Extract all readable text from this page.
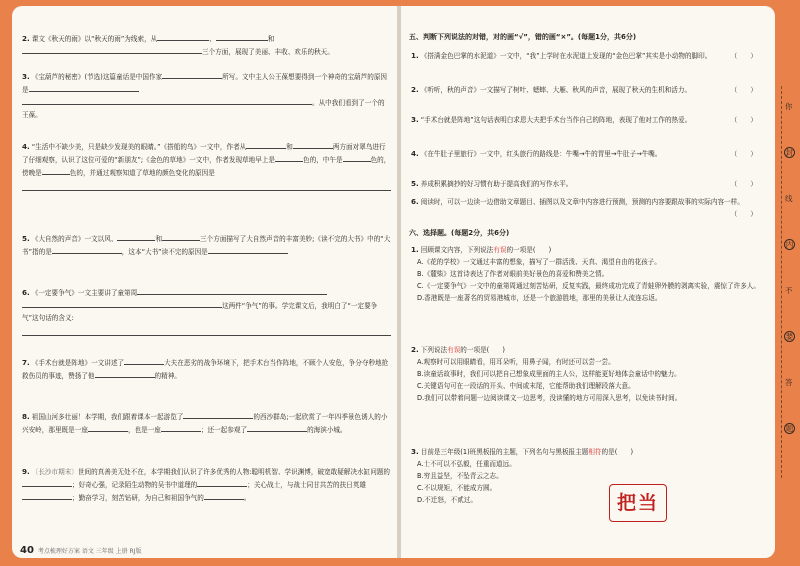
2. 课文《秋天的雨》以“秋天的雨”为线索，从	、	和
三个方面，展现了美丽、丰收、欢乐的秋天。
3. 《宝葫芦的秘密》(节选)这篇童话是中国作家	所写。文中主人公王葆想要得到一个神奇的宝葫芦的原因是
。从中我们看到了一个的王葆。
4. “生活中不缺少美，只是缺少发现美的眼睛。”《搭船的鸟》一文中，作者从	和	两方面对翠鸟进行了仔细观察，认识了这位可爱的“新朋友”;《金色的草地》一文中，作者发现草地早上是	色的，中午是	色的，傍晚是	色的，并通过观察知道了草地的颜色变化的原因是
5. 《大自然的声音》一文以风、	和	三个方面描写了大自然声音的丰富美妙;《读不完的大书》中的“大书”指的是	，这本“大书”读不完的原因是
6. 《一定要争气》一文主要讲了童第周
这两件“争气”的事。学完课文后，我明白了“一定要争气”这句话的含义:
7. 《手术台就是阵地》一文讲述了	大夫在恶劣的战争环境下，把手术台当作阵地，不顾个人安危，争分夺秒地抢救伤员的事迹，赞扬了他	的精神。
8. 祖国山河多壮丽！本学期，我们跟着课本一起游览了	的西沙群岛;一起欣赏了一年四季景色诱人的小兴安岭，那里既是一座	，也是一座	；还一起参观了	的海滨小城。
9. 〔长沙市期末〕世间的真善美无处不在，本学期我们认识了许多优秀的人物:聪明机智、学识渊博，破宽敢疑解决水缸问题的；好奇心强，记录陌生动物的吴书中道理的	；关心战士，与战士同甘共苦的扶日英雄；勤奋学习，刻苦钻研，为自己和祖国争气的	。
40 考点梳理好方案 语文 三年级 上册 RJ版
五、判断下列说法的对错，对的画“√”，错的画“×”。(每题1分，共6分)
1. 《搭满金色巴掌的水泥道》一文中，“我”上学时在水泥道上发现的“金色巴掌”其实是小动物的脚印。	（　　）
2. 《听听，秋的声音》一文描写了树叶、蟋蟀、大雁、秋风的声音，展现了秋天的生机和活力。	（　　）
3. “手术台就是阵地”这句话表明白求恩大夫把手术台当作自己的阵地，表现了他对工作的热爱。	（　　）
4. 《在牛肚子里旅行》一文中，红头旅行的路线是：牛嘴→牛的胃里→牛肚子→牛嘴。	（　　）
5. 养成积累摘抄的好习惯有助于提高我们的写作水平。	（　　）
6. 阅读时，可以一边读一边借助文章题目、插图以及文章中内容进行预测，预测的内容要跟故事的实际内容一样。
（　　）
六、选择题。(每题2分，共6分)
1. 回顾课文内容，下列说法有误的一项是(　　)
A.《花的学校》一文通过丰富的想象，描写了一群活泼、天真、渴望自由的花孩子。
B.《麓柴》这首诗表达了作者对眼前美好景色的喜爱和赞美之情。
C.《一定要争气》一文中的童第周通过刻苦钻研，反复实践，最终成功完成了青蛙卵外膜的剥离实验，震惊了许多人。
D.香港既是一座著名的贸易港城市，还是一个旅游胜地，那里的美景让人流连忘返。
2. 下列说法有误的一项是(　　)
A.观察时可以用眼睛看，用耳朵听，用鼻子闻，有时还可以尝一尝。
B.读童话故事时，我们可以把自己想象成里面的主人公，这样能更好地体会童话中的魅力。
C.关键语句可在一段话的开头、中间或末尾，它能帮助我们理解段落大意。
D.我们可以带着问题一边阅读课文一边思考，没读懂的地方可用深入思考，以免读书时间。
3. 目前是三年级(1)班黑板报的主题，下列名句与黑板报主题相符的是(　　)
A.士不可以不弘毅，任重而道远。
B.穷且益坚，不坠青云之志。
C.不以规矩，不能成方圆。
D.不迁怒，不贰过。	把当
你
封
线
内
不
要
答
题
